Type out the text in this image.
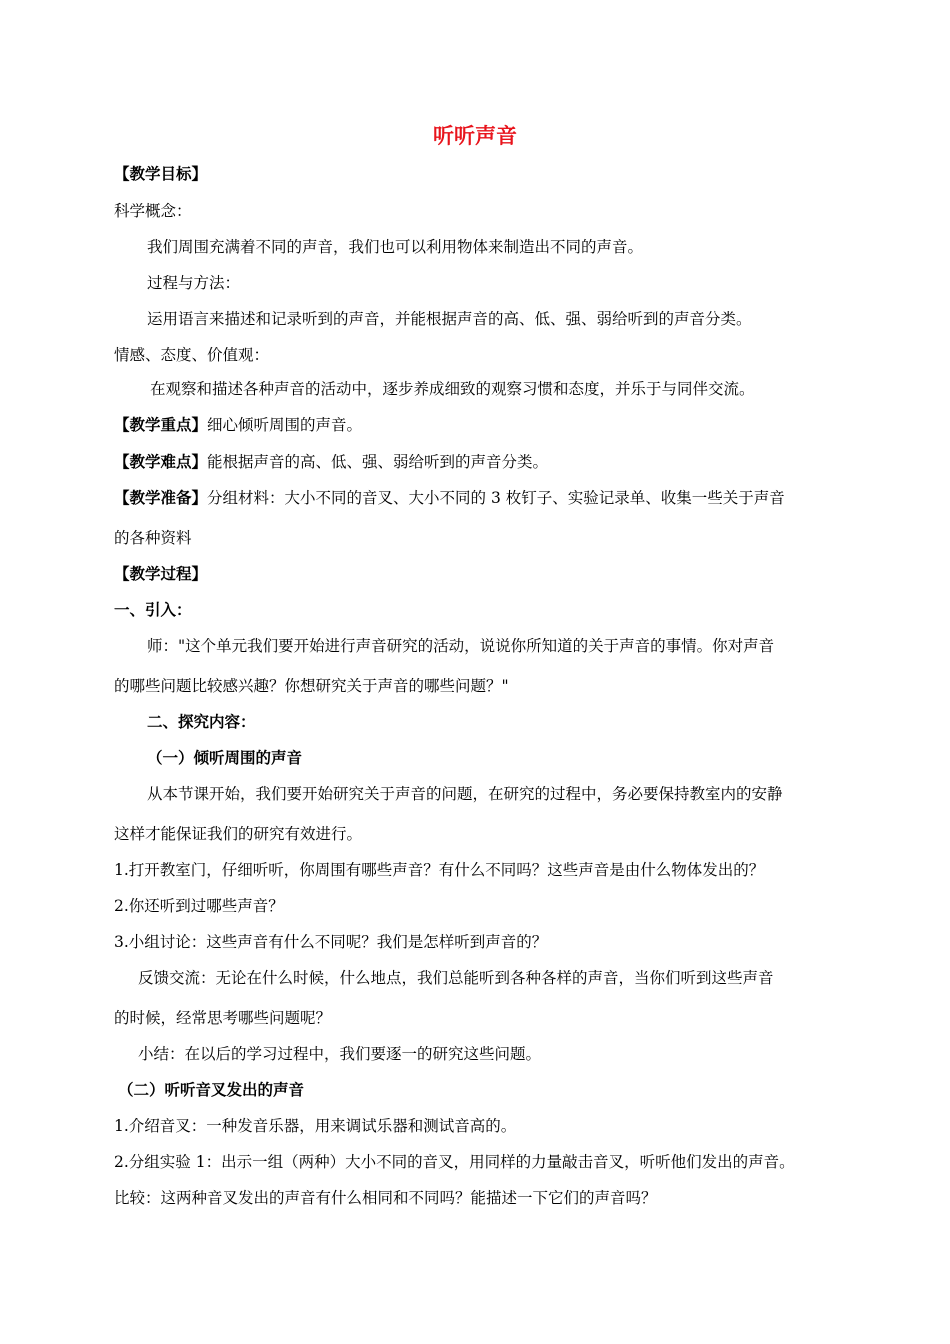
听听声音
【教学目标】
科学概念：
我们周围充满着不同的声音，我们也可以利用物体来制造出不同的声音。
过程与方法：
运用语言来描述和记录听到的声音，并能根据声音的高、低、强、弱给听到的声音分类。
情感、态度、价值观：
在观察和描述各种声音的活动中，逐步养成细致的观察习惯和态度，并乐于与同伴交流。
【教学重点】细心倾听周围的声音。
【教学难点】能根据声音的高、低、强、弱给听到的声音分类。
【教学准备】分组材料：大小不同的音叉、大小不同的 3 枚钉子、实验记录单、收集一些关于声音
的各种资料
【教学过程】
一、引入：
师："这个单元我们要开始进行声音研究的活动，说说你所知道的关于声音的事情。你对声音
的哪些问题比较感兴趣？你想研究关于声音的哪些问题？"
二、探究内容：
（一）倾听周围的声音
从本节课开始，我们要开始研究关于声音的问题，在研究的过程中，务必要保持教室内的安静
这样才能保证我们的研究有效进行。
1.打开教室门，仔细听听，你周围有哪些声音？有什么不同吗？这些声音是由什么物体发出的？
2.你还听到过哪些声音？
3.小组讨论：这些声音有什么不同呢？我们是怎样听到声音的？
反馈交流：无论在什么时候，什么地点，我们总能听到各种各样的声音，当你们听到这些声音
的时候，经常思考哪些问题呢？
小结：在以后的学习过程中，我们要逐一的研究这些问题。
（二）听听音叉发出的声音
1.介绍音叉：一种发音乐器，用来调试乐器和测试音高的。
2.分组实验 1：出示一组（两种）大小不同的音叉，用同样的力量敲击音叉，听听他们发出的声音。
比较：这两种音叉发出的声音有什么相同和不同吗？能描述一下它们的声音吗？
